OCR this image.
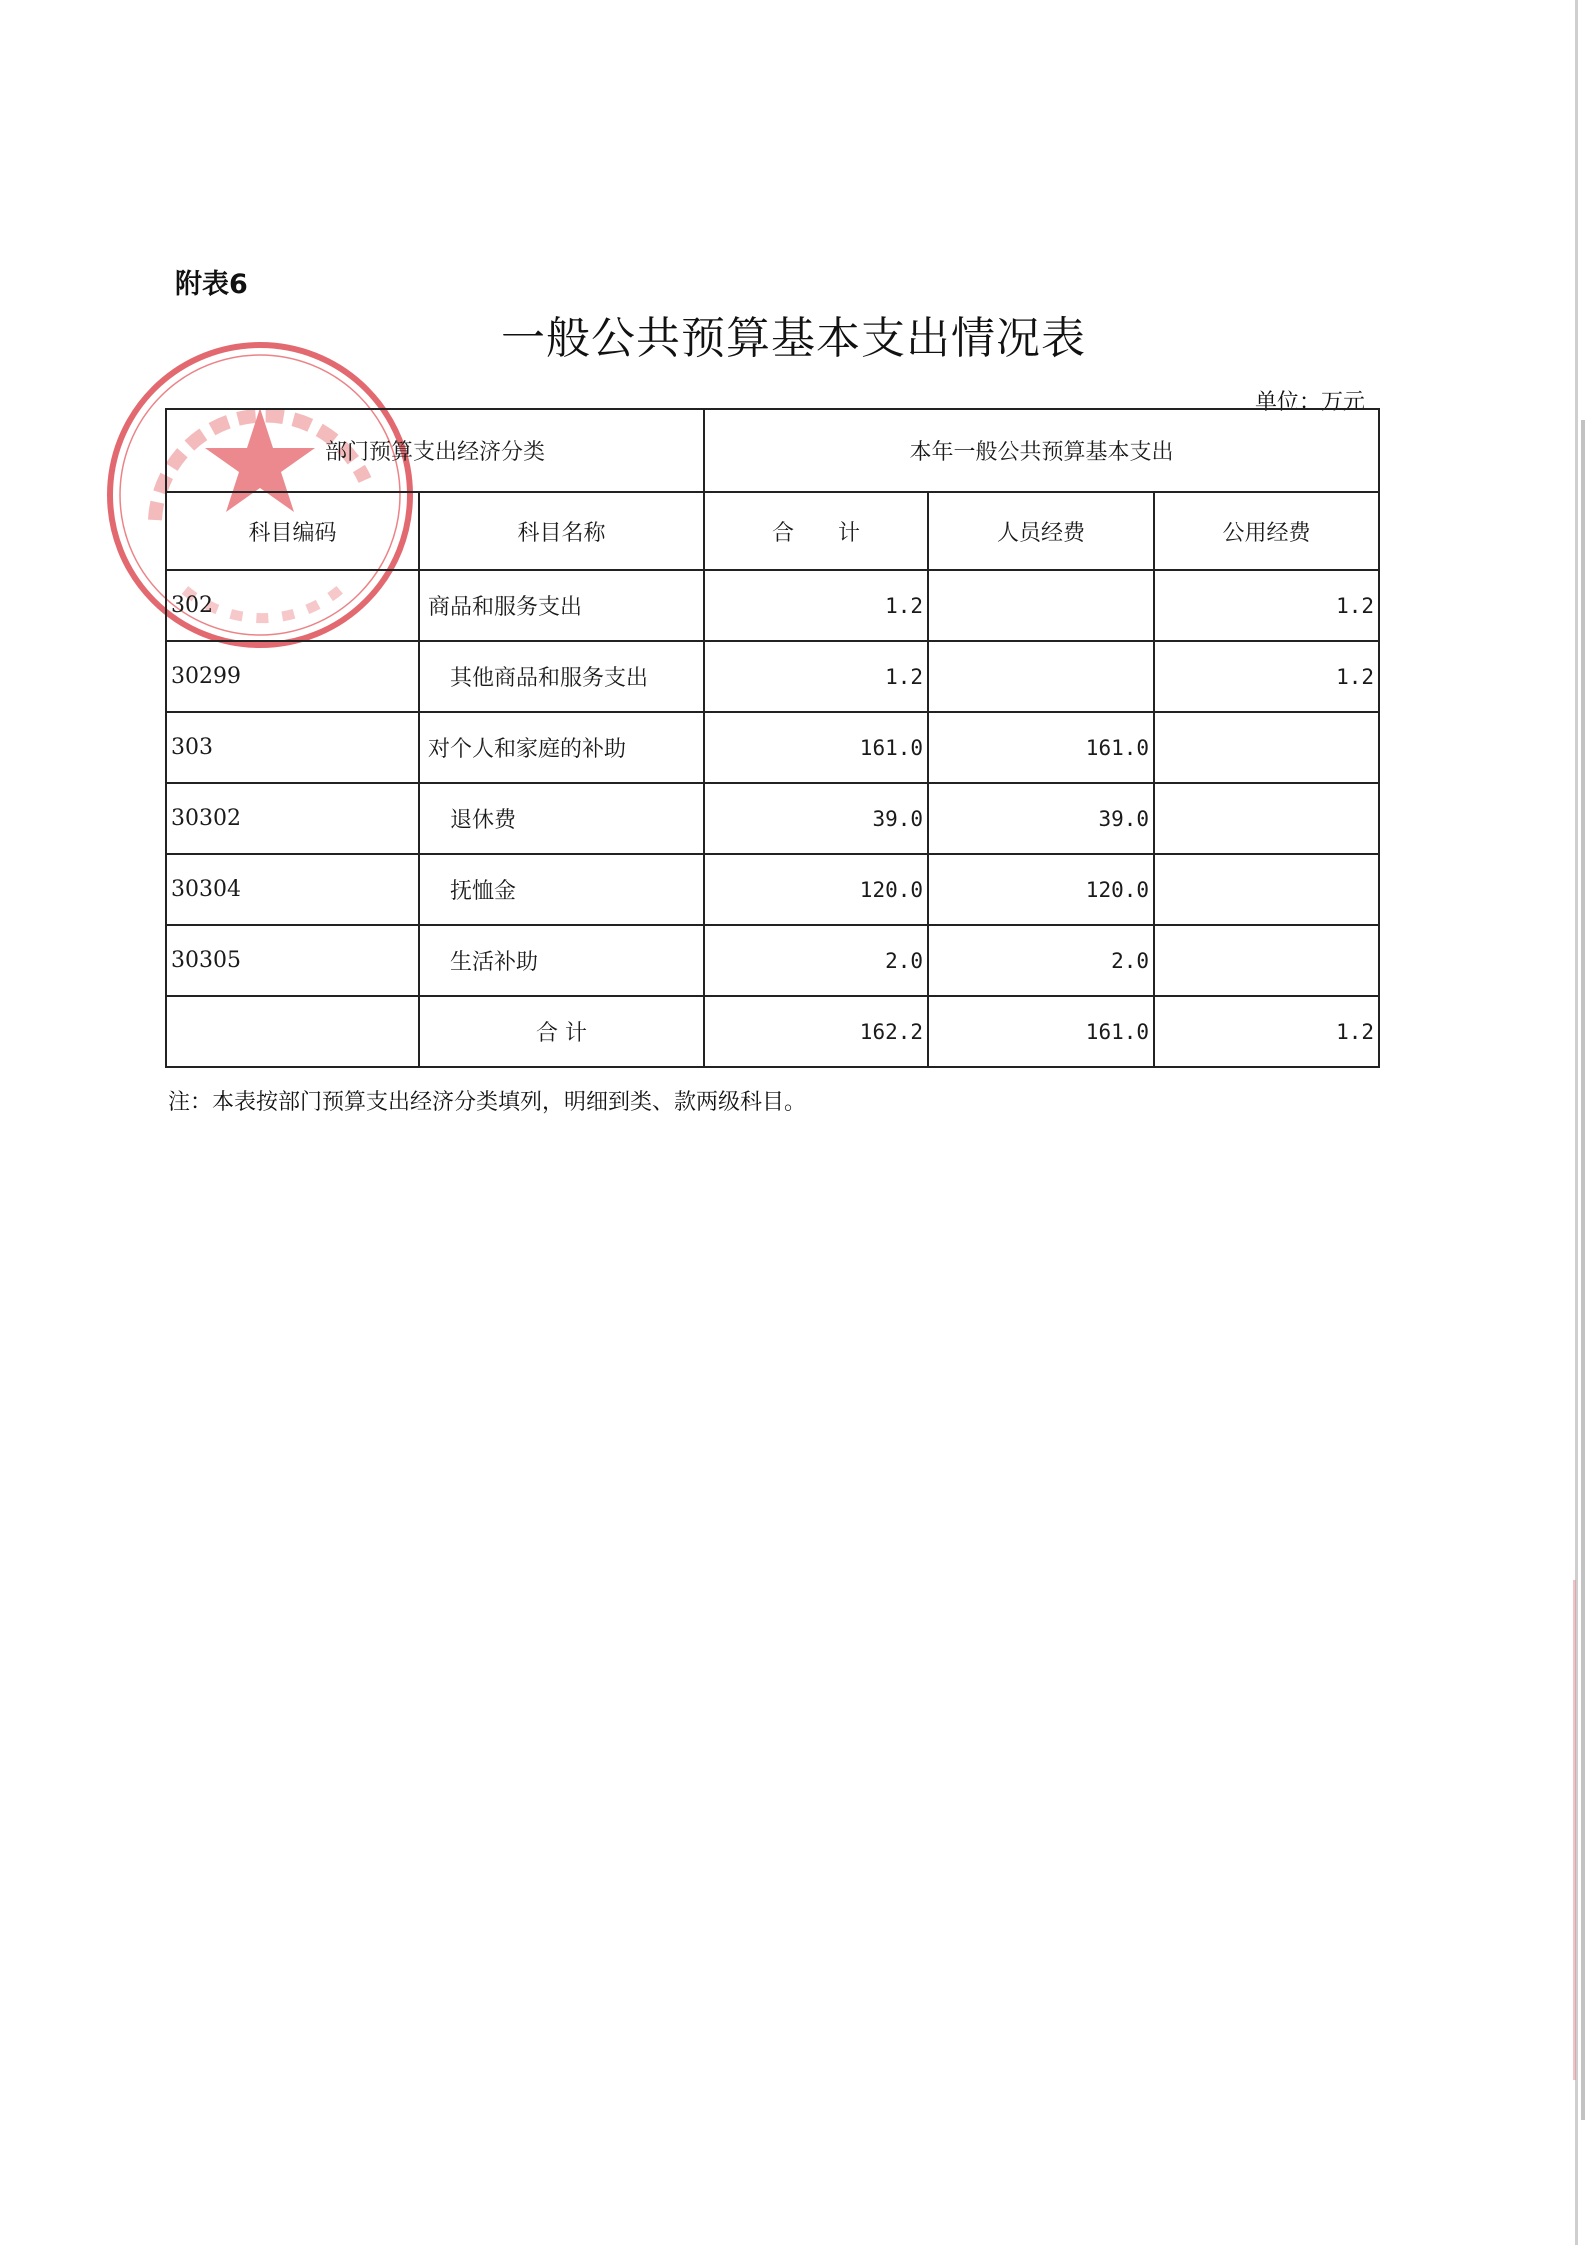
附表6
一般公共预算基本支出情况表
单位：万元
部门预算支出经济分类		本年一般公共预算基本支出		
科目编码	科目名称	合　　计	人员经费	公用经费
302	商品和服务支出	1.2		1.2
30299	其他商品和服务支出	1.2		1.2
303	对个人和家庭的补助	161.0	161.0	
30302	退休费	39.0	39.0	
30304	抚恤金	120.0	120.0	
30305	生活补助	2.0	2.0	
	合 计	162.2	161.0	1.2
注：本表按部门预算支出经济分类填列，明细到类、款两级科目。
